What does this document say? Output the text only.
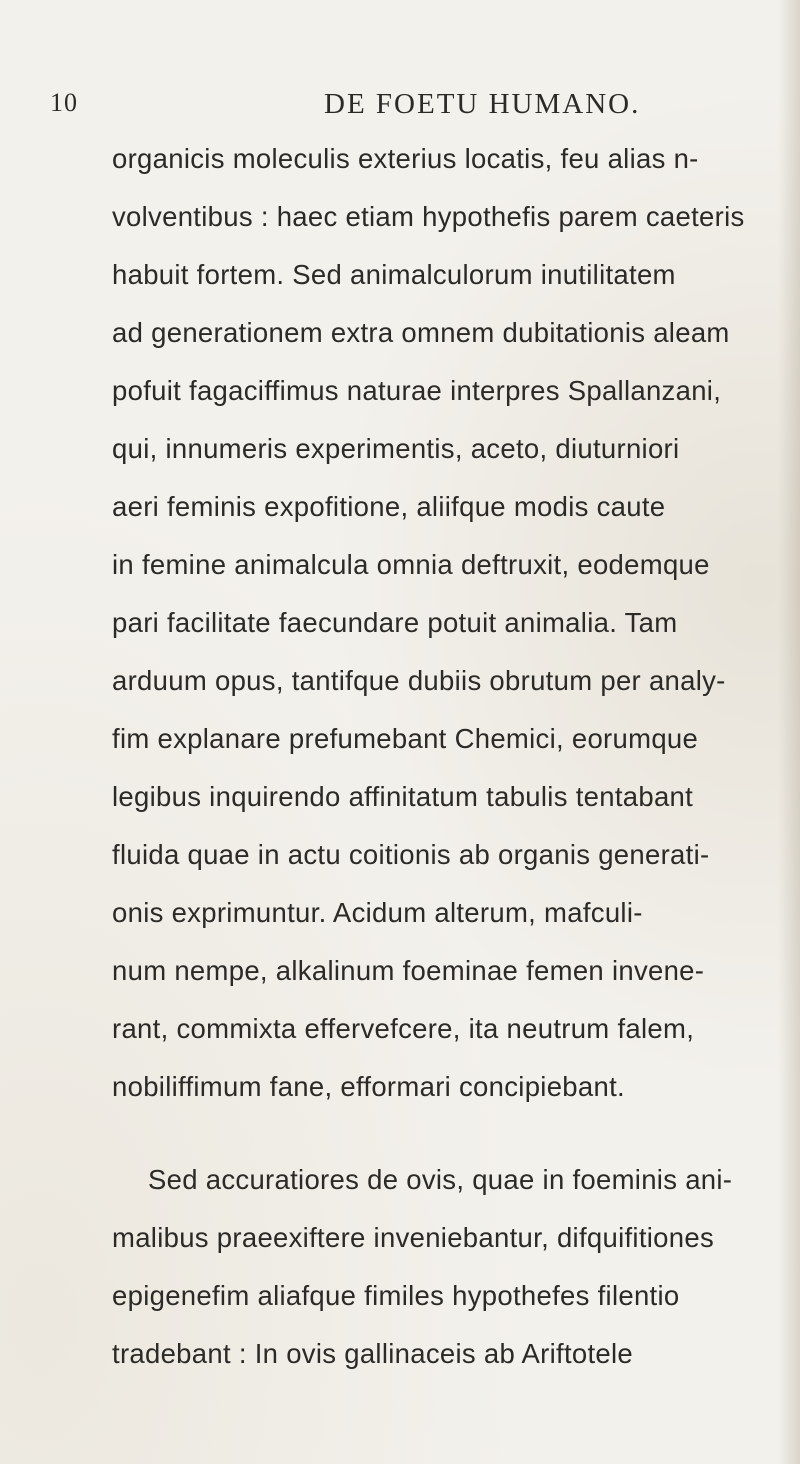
10	DE FOETU HUMANO.
organicis moleculis exterius locatis, feu alias n-
volventibus : haec etiam hypothefis parem caeteris
habuit fortem. Sed animalculorum inutilitatem
ad generationem extra omnem dubitationis aleam
pofuit fagaciffimus naturae interpres Spallanzani,
qui, innumeris experimentis, aceto, diuturniori
aeri feminis expofitione, aliifque modis caute
in femine animalcula omnia deftruxit, eodemque
pari facilitate faecundare potuit animalia. Tam
arduum opus, tantifque dubiis obrutum per analy-
fim explanare prefumebant Chemici, eorumque
legibus inquirendo affinitatum tabulis tentabant
fluida quae in actu coitionis ab organis generati-
onis exprimuntur. Acidum alterum, mafculi-
num nempe, alkalinum foeminae femen invene-
rant, commixta effervefcere, ita neutrum falem,
nobiliffimum fane, efformari concipiebant.
Sed accuratiores de ovis, quae in foeminis ani-
malibus praeexiftere inveniebantur, difquifitiones
epigenefim aliafque fimiles hypothefes filentio
tradebant : In ovis gallinaceis ab Ariftotele
